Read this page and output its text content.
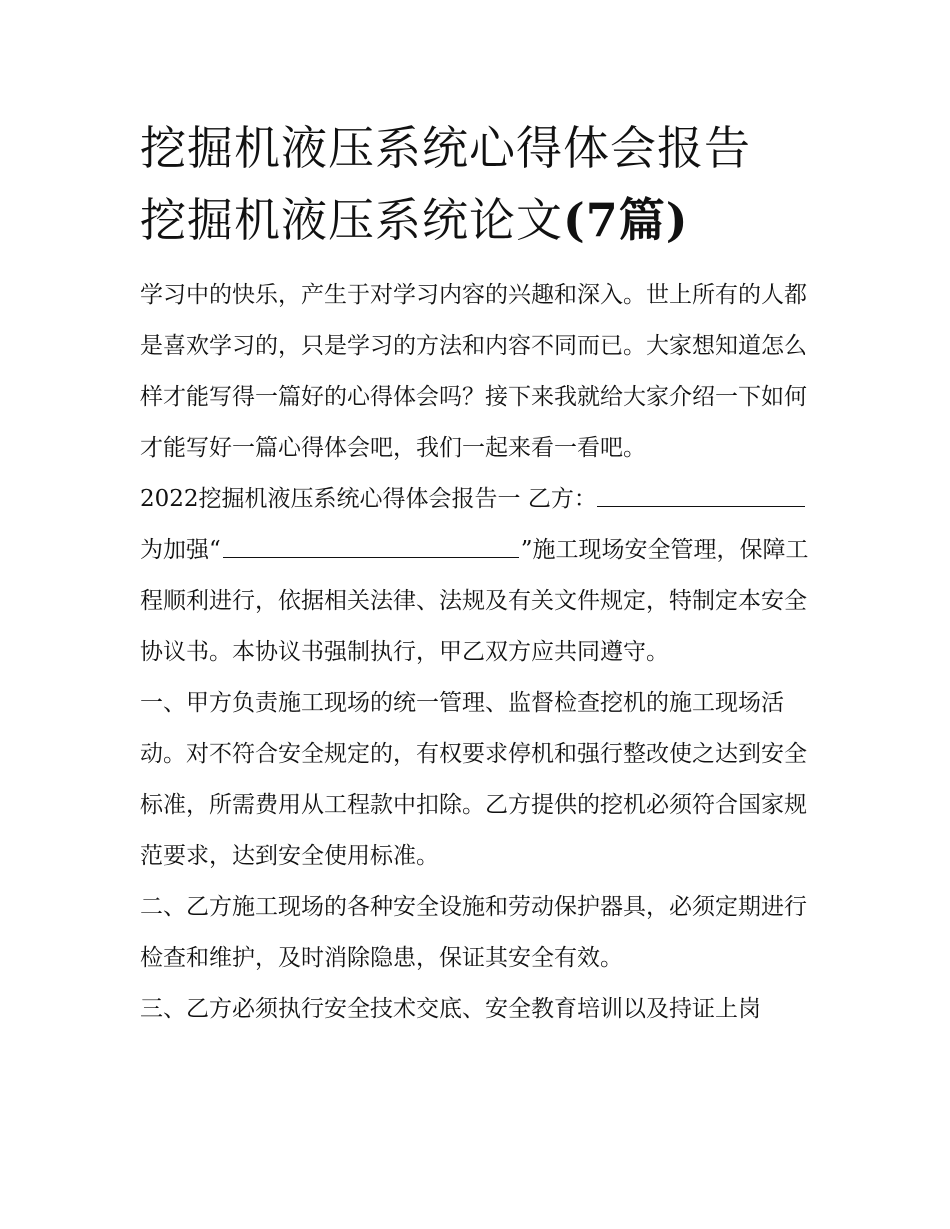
挖掘机液压系统心得体会报告
挖掘机液压系统论文(7篇)

学习中的快乐，产生于对学习内容的兴趣和深入。世上所有的人都是喜欢学习的，只是学习的方法和内容不同而已。大家想知道怎么样才能写得一篇好的心得体会吗？接下来我就给大家介绍一下如何才能写好一篇心得体会吧，我们一起来看一看吧。

2022挖掘机液压系统心得体会报告一 乙方：

为加强“	”施工现场安全管理，保障工程顺利进行，依据相关法律、法规及有关文件规定，特制定本安全协议书。本协议书强制执行，甲乙双方应共同遵守。

一、甲方负责施工现场的统一管理、监督检查挖机的施工现场活动。对不符合安全规定的，有权要求停机和强行整改使之达到安全标准，所需费用从工程款中扣除。乙方提供的挖机必须符合国家规范要求，达到安全使用标准。

二、乙方施工现场的各种安全设施和劳动保护器具，必须定期进行检查和维护，及时消除隐患，保证其安全有效。

三、乙方必须执行安全技术交底、安全教育培训以及持证上岗
